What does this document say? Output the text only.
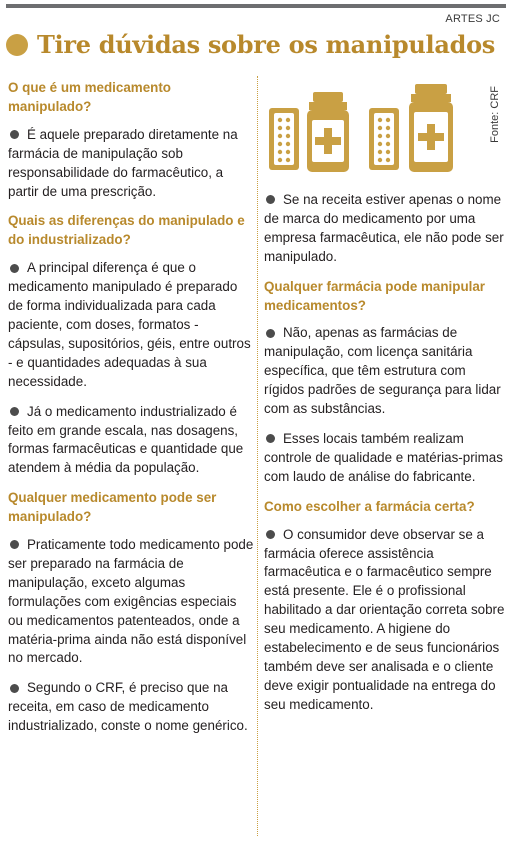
ARTES JC
Tire dúvidas sobre os manipulados

O que é um medicamento manipulado?

É aquele preparado diretamente na farmácia de manipulação sob responsabilidade do farmacêutico, a partir de uma prescrição.

Quais as diferenças do manipulado e do industrializado?

A principal diferença é que o medicamento manipulado é preparado de forma individualizada para cada paciente, com doses, formatos - cápsulas, supositórios, géis, entre outros - e quantidades adequadas à sua necessidade.

Já o medicamento industrializado é feito em grande escala, nas dosagens, formas farmacêuticas e quantidade que atendem à média da população.

Qualquer medicamento pode ser manipulado?

Praticamente todo medicamento pode ser preparado na farmácia de manipulação, exceto algumas formulações com exigências especiais ou medicamentos patenteados, onde a matéria-prima ainda não está disponível no mercado.

Segundo o CRF, é preciso que na receita, em caso de medicamento industrializado, conste o nome genérico.

Fonte: CRF

Se na receita estiver apenas o nome de marca do medicamento por uma empresa farmacêutica, ele não pode ser manipulado.

Qualquer farmácia pode manipular medicamentos?

Não, apenas as farmácias de manipulação, com licença sanitária específica, que têm estrutura com rígidos padrões de segurança para lidar com as substâncias.

Esses locais também realizam controle de qualidade e matérias-primas com laudo de análise do fabricante.

Como escolher a farmácia certa?

O consumidor deve observar se a farmácia oferece assistência farmacêutica e o farmacêutico sempre está presente. Ele é o profissional habilitado a dar orientação correta sobre seu medicamento. A higiene do estabelecimento e de seus funcionários também deve ser analisada e o cliente deve exigir pontualidade na entrega do seu medicamento.
